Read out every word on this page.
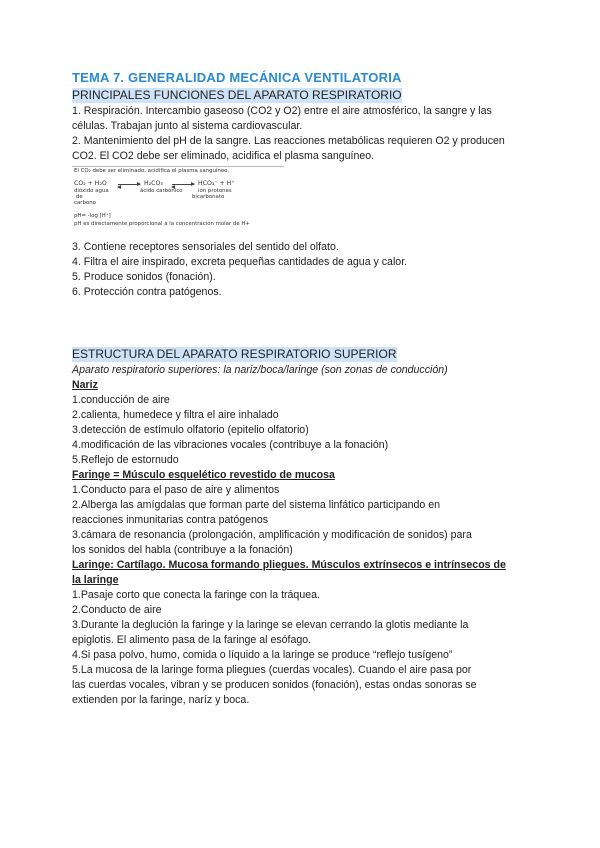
TEMA 7. GENERALIDAD MECÁNICA VENTILATORIA
PRINCIPALES FUNCIONES DEL APARATO RESPIRATORIO

1. Respiración. Intercambio gaseoso (CO2 y O2) entre el aire atmosférico, la sangre y las

células. Trabajan junto al sistema cardiovascular.

2. Mantenimiento del pH de la sangre. Las reacciones metabólicas requieren O2 y producen

CO2. El CO2 debe ser eliminado, acidifica el plasma sanguíneo.

El CO₂ debe ser eliminado, acidifica el plasma sanguíneo.
CO₂ + H₂O	H₂CO₃	HCO₃⁻ + H⁺
dióxido agua
de
carbono
ácido carbónico	ion protones
bicarbonato
pH= -log [H⁺]
pH es directamente proporcional a la concentración molar de H+

3. Contiene receptores sensoriales del sentido del olfato.

4. Filtra el aire inspirado, excreta pequeñas cantidades de agua y calor.

5. Produce sonidos (fonación).

6. Protección contra patógenos.

ESTRUCTURA DEL APARATO RESPIRATORIO SUPERIOR

Aparato respiratorio superiores: la nariz/boca/laringe (son zonas de conducción)

Nariz

1.conducción de aire

2.calienta, humedece y filtra el aire inhalado

3.detección de estímulo olfatorio (epitelio olfatorio)

4.modificación de las vibraciones vocales (contribuye a la fonación)

5.Reflejo de estornudo

Faringe = Músculo esquelético revestido de mucosa

1.Conducto para el paso de aire y alimentos

2.Alberga las amígdalas que forman parte del sistema linfático participando en

reacciones inmunitarias contra patógenos

3.cámara de resonancia (prolongación, amplificación y modificación de sonidos) para

los sonidos del habla (contribuye a la fonación)

Laringe: Cartílago. Mucosa formando pliegues. Músculos extrínsecos e intrínsecos de

la laringe

1.Pasaje corto que conecta la faringe con la tráquea.

2.Conducto de aire

3.Durante la deglución la faringe y la laringe se elevan cerrando la glotis mediante la

epiglotis. El alimento pasa de la faringe al esófago.

4.Si pasa polvo, humo, comida o líquido a la laringe se produce “reflejo tusígeno”

5.La mucosa de la laringe forma pliegues (cuerdas vocales). Cuando el aire pasa por

las cuerdas vocales, vibran y se producen sonidos (fonación), estas ondas sonoras se

extienden por la faringe, naríz y boca.
